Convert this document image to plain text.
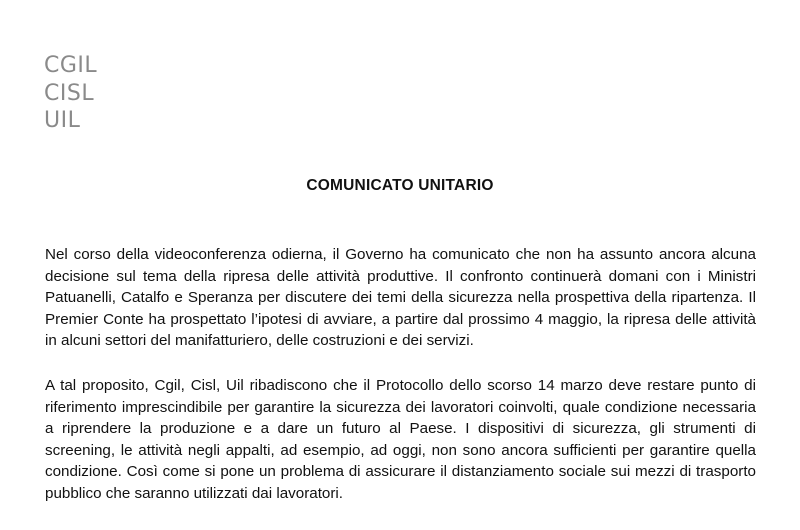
CGIL
CISL
UIL
COMUNICATO UNITARIO

Nel corso della videoconferenza odierna, il Governo ha comunicato che non ha assunto ancora alcuna decisione sul tema della ripresa delle attività produttive. Il confronto continuerà domani con i Ministri Patuanelli, Catalfo e Speranza per discutere dei temi della sicurezza nella prospettiva della ripartenza. Il Premier Conte ha prospettato l’ipotesi di avviare, a partire dal prossimo 4 maggio, la ripresa delle attività in alcuni settori del manifatturiero, delle costruzioni e dei servizi.

A tal proposito, Cgil, Cisl, Uil ribadiscono che il Protocollo dello scorso 14 marzo deve restare punto di riferimento imprescindibile per garantire la sicurezza dei lavoratori coinvolti, quale condizione necessaria a riprendere la produzione e a dare un futuro al Paese. I dispositivi di sicurezza, gli strumenti di screening, le attività negli appalti, ad esempio, ad oggi, non sono ancora sufficienti per garantire quella condizione. Così come si pone un problema di assicurare il distanziamento sociale sui mezzi di trasporto pubblico che saranno utilizzati dai lavoratori.
